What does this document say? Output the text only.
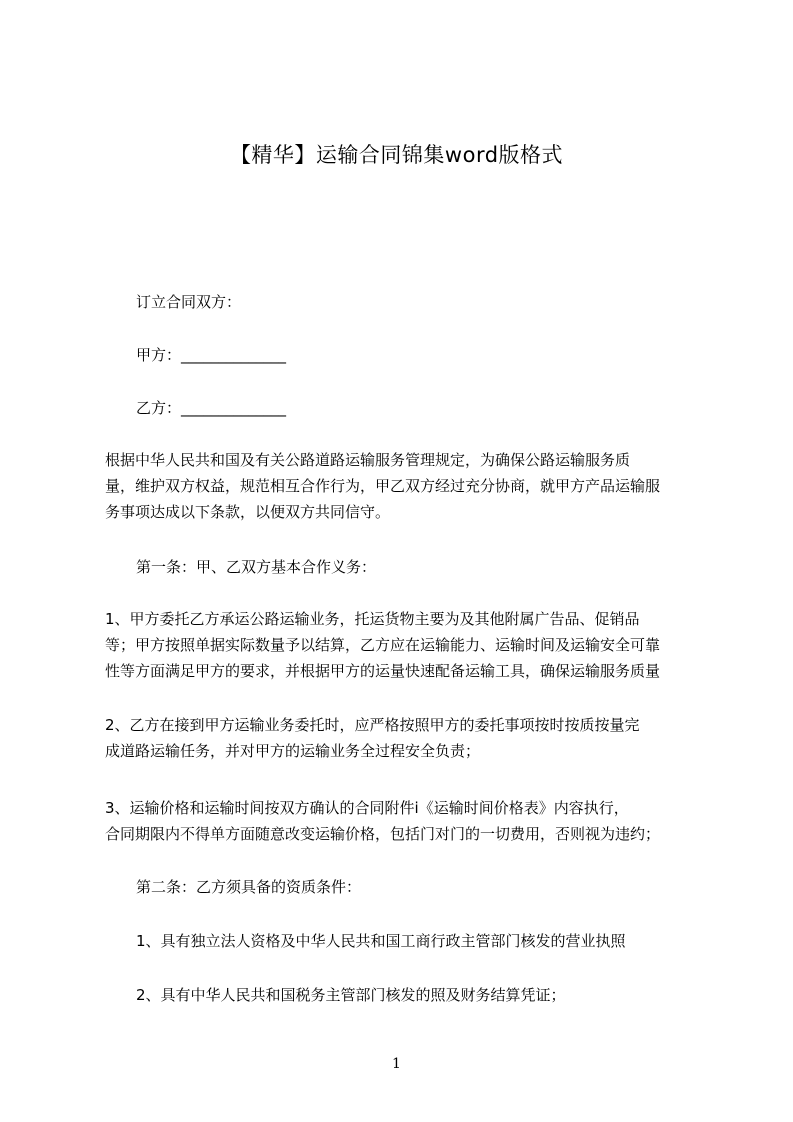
【精华】运输合同锦集word版格式
订立合同双方：
甲方：______________
乙方：______________
根据中华人民共和国及有关公路道路运输服务管理规定，为确保公路运输服务质
量，维护双方权益，规范相互合作行为，甲乙双方经过充分协商，就甲方产品运输服
务事项达成以下条款，以便双方共同信守。
第一条：甲、乙双方基本合作义务：
1、甲方委托乙方承运公路运输业务，托运货物主要为及其他附属广告品、促销品
等；甲方按照单据实际数量予以结算，乙方应在运输能力、运输时间及运输安全可靠
性等方面满足甲方的要求，并根据甲方的运量快速配备运输工具，确保运输服务质量
2、乙方在接到甲方运输业务委托时，应严格按照甲方的委托事项按时按质按量完
成道路运输任务，并对甲方的运输业务全过程安全负责；
3、运输价格和运输时间按双方确认的合同附件ⅰ《运输时间价格表》内容执行，
合同期限内不得单方面随意改变运输价格，包括门对门的一切费用，否则视为违约；
第二条：乙方须具备的资质条件：
1、具有独立法人资格及中华人民共和国工商行政主管部门核发的营业执照
2、具有中华人民共和国税务主管部门核发的照及财务结算凭证；
1
